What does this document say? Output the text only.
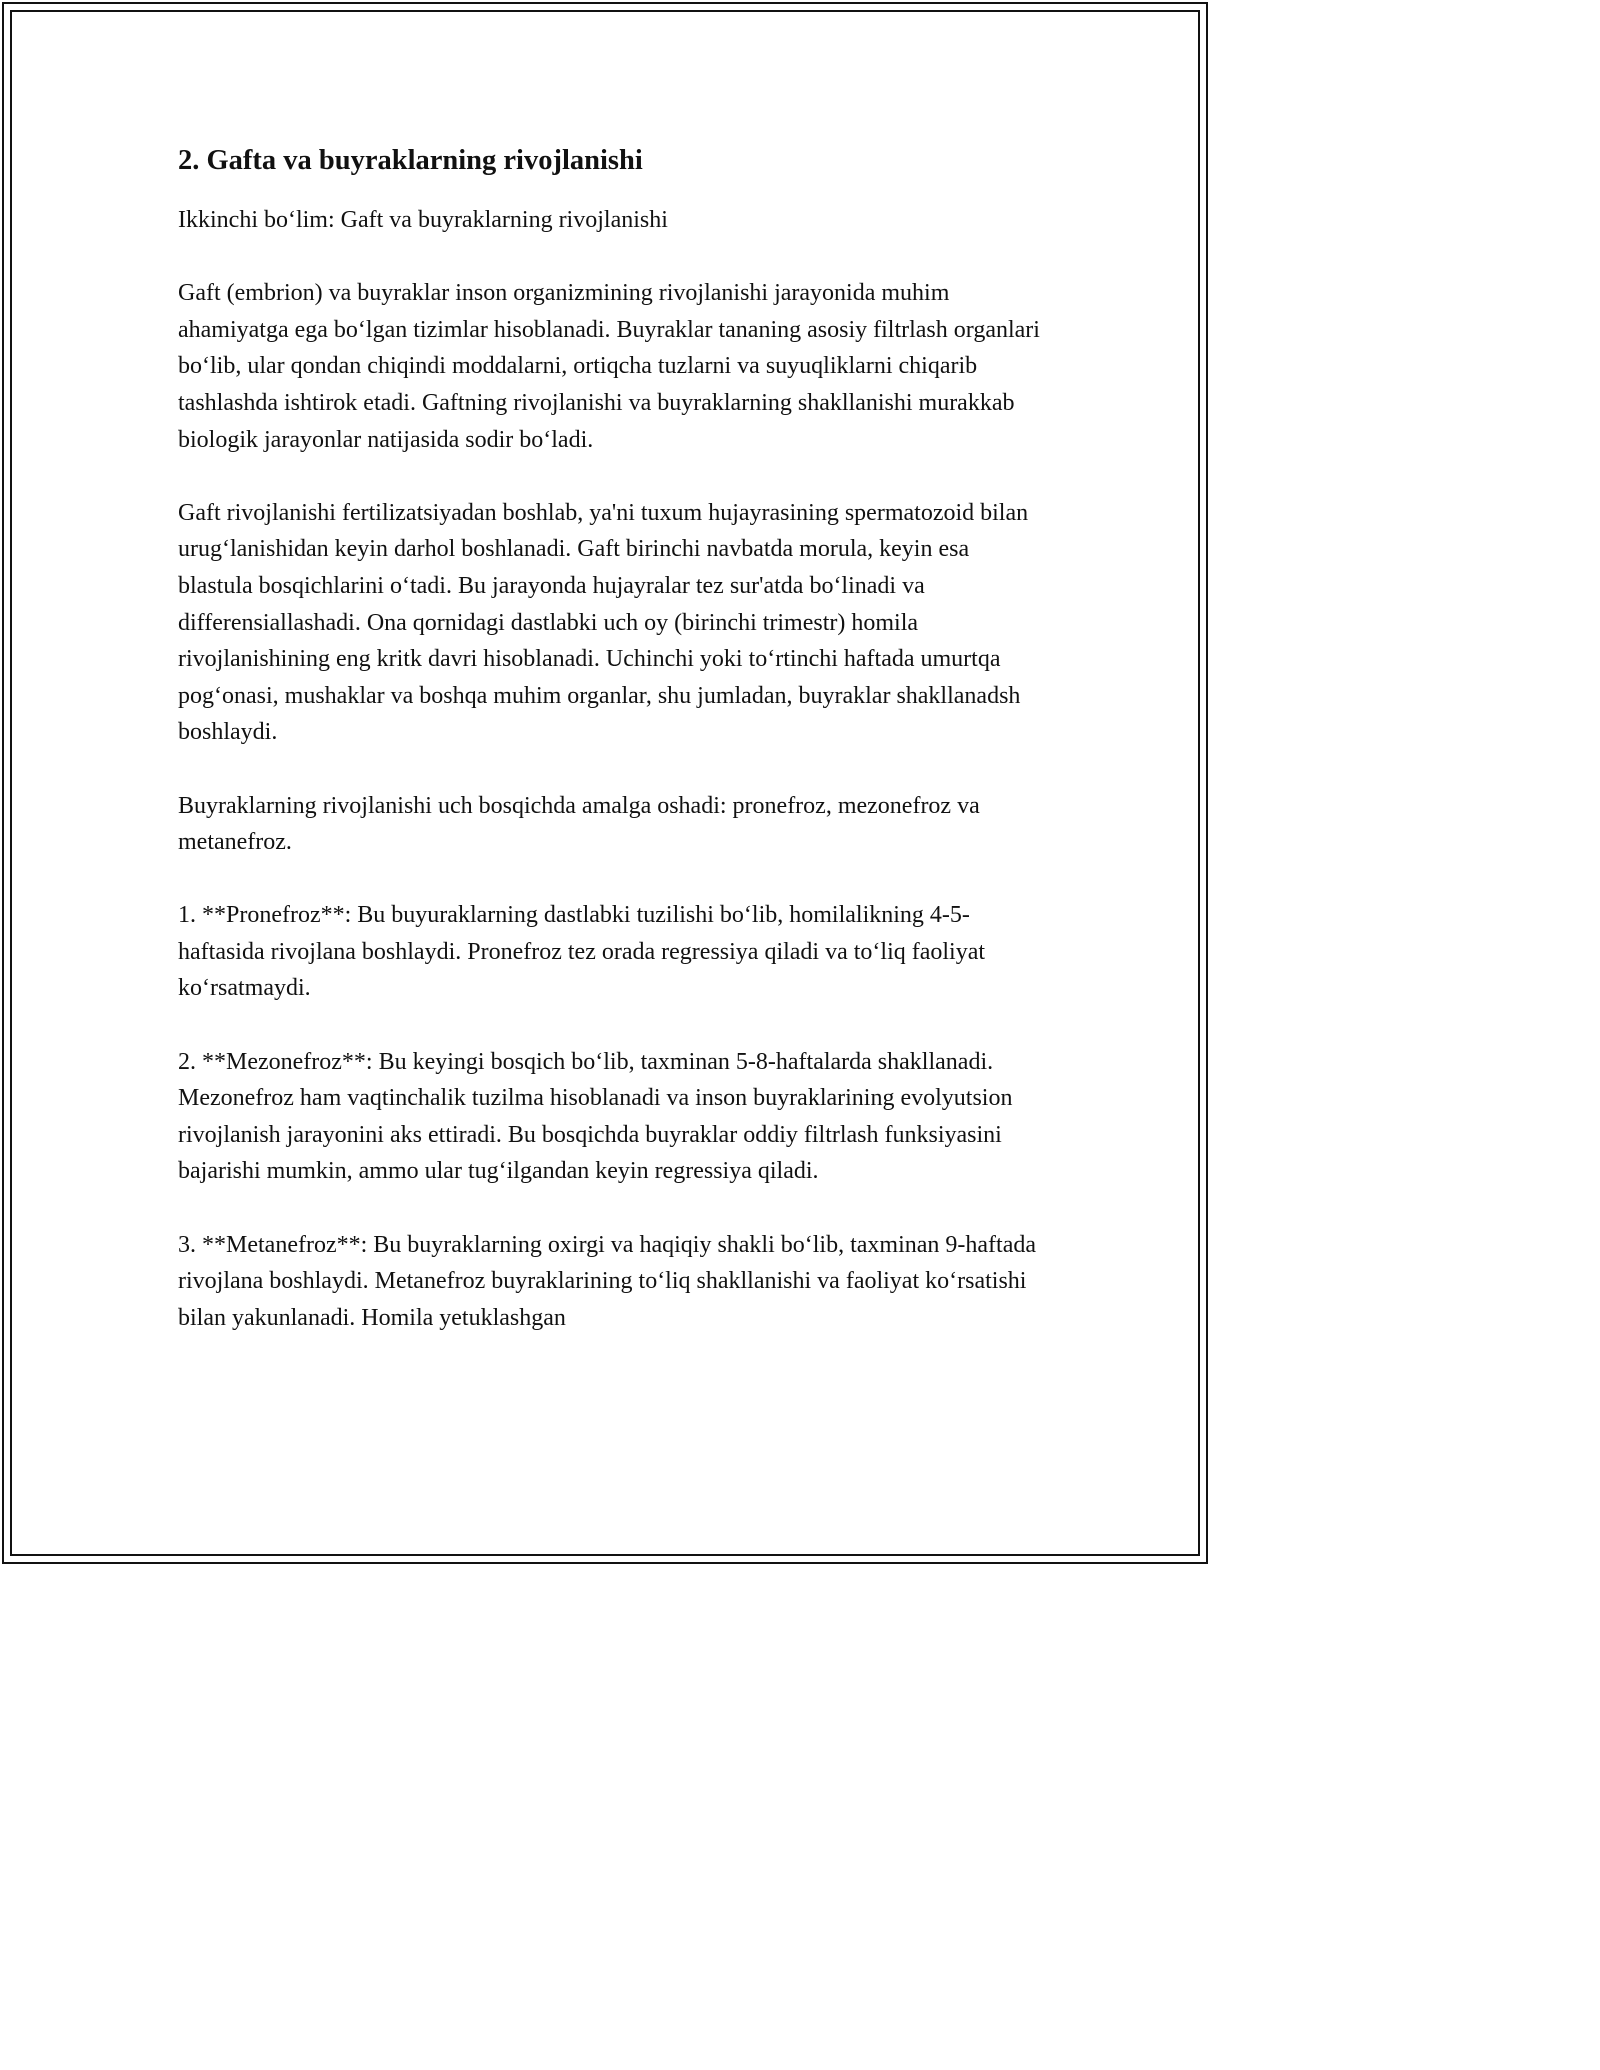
2. Gafta va buyraklarning rivojlanishi

Ikkinchi bo‘lim: Gaft va buyraklarning rivojlanishi

Gaft (embrion) va buyraklar inson organizmining rivojlanishi jarayonida muhim ahamiyatga ega bo‘lgan tizimlar hisoblanadi. Buyraklar tananing asosiy filtrlash organlari bo‘lib, ular qondan chiqindi moddalarni, ortiqcha tuzlarni va suyuqliklarni chiqarib tashlashda ishtirok etadi. Gaftning rivojlanishi va buyraklarning shakllanishi murakkab biologik jarayonlar natijasida sodir bo‘ladi.

Gaft rivojlanishi fertilizatsiyadan boshlab, ya'ni tuxum hujayrasining spermatozoid bilan urug‘lanishidan keyin darhol boshlanadi. Gaft birinchi navbatda morula, keyin esa blastula bosqichlarini o‘tadi. Bu jarayonda hujayralar tez sur'atda bo‘linadi va differensiallashadi. Ona qornidagi dastlabki uch oy (birinchi trimestr) homila rivojlanishining eng kritk davri hisoblanadi. Uchinchi yoki to‘rtinchi haftada umurtqa pog‘onasi, mushaklar va boshqa muhim organlar, shu jumladan, buyraklar shakllanadsh boshlaydi.

Buyraklarning rivojlanishi uch bosqichda amalga oshadi: pronefroz, mezonefroz va metanefroz.

1. **Pronefroz**: Bu buyuraklarning dastlabki tuzilishi bo‘lib, homilalikning 4-5-haftasida rivojlana boshlaydi. Pronefroz tez orada regressiya qiladi va to‘liq faoliyat ko‘rsatmaydi.

2. **Mezonefroz**: Bu keyingi bosqich bo‘lib, taxminan 5-8-haftalarda shakllanadi. Mezonefroz ham vaqtinchalik tuzilma hisoblanadi va inson buyraklarining evolyutsion rivojlanish jarayonini aks ettiradi. Bu bosqichda buyraklar oddiy filtrlash funksiyasini bajarishi mumkin, ammo ular tug‘ilgandan keyin regressiya qiladi.

3. **Metanefroz**: Bu buyraklarning oxirgi va haqiqiy shakli bo‘lib, taxminan 9-haftada rivojlana boshlaydi. Metanefroz buyraklarining to‘liq shakllanishi va faoliyat ko‘rsatishi bilan yakunlanadi. Homila yetuklashgan
